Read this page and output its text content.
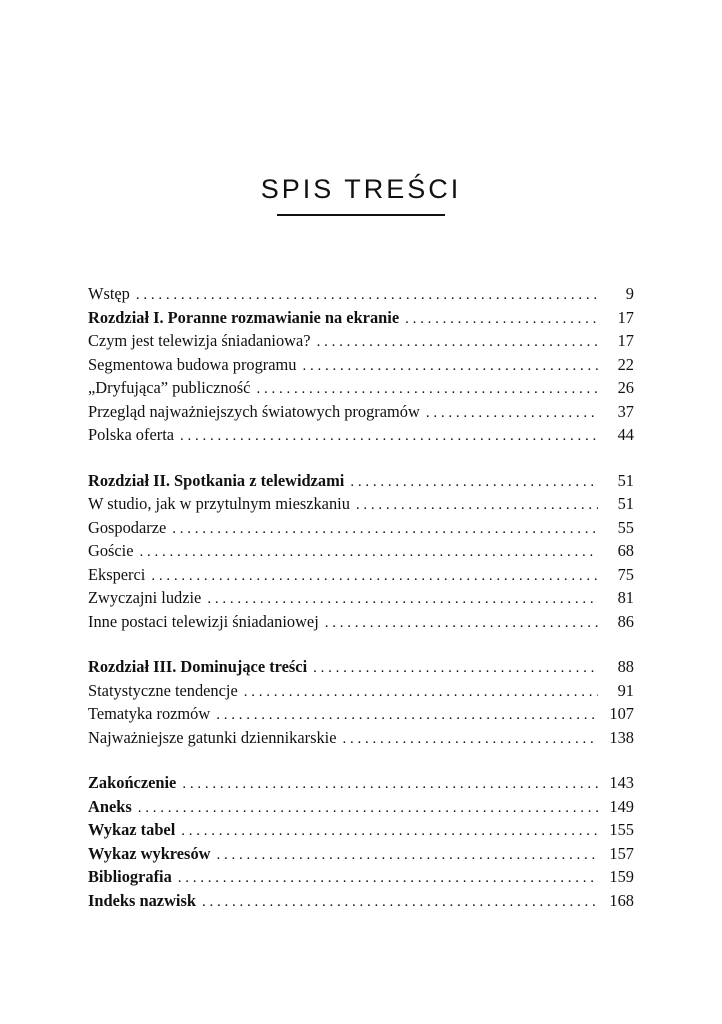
SPIS TREŚCI
Wstęp . . .	9
Rozdział I. Poranne rozmawianie na ekranie . . .	17
Czym jest telewizja śniadaniowa? . . .	17
Segmentowa budowa programu . . .	22
„Dryfująca” publiczność . . .	26
Przegląd najważniejszych światowych programów . . .	37
Polska oferta . . .	44
Rozdział II. Spotkania z telewidzami . . .	51
W studio, jak w przytulnym mieszkaniu . . .	51
Gospodarze . . .	55
Goście . . .	68
Eksperci . . .	75
Zwyczajni ludzie . . .	81
Inne postaci telewizji śniadaniowej . . .	86
Rozdział III. Dominujące treści . . .	88
Statystyczne tendencje . . .	91
Tematyka rozmów . . .	107
Najważniejsze gatunki dziennikarskie . . .	138
Zakończenie . . .	143
Aneks . . .	149
Wykaz tabel . . .	155
Wykaz wykresów . . .	157
Bibliografia . . .	159
Indeks nazwisk . . .	168
